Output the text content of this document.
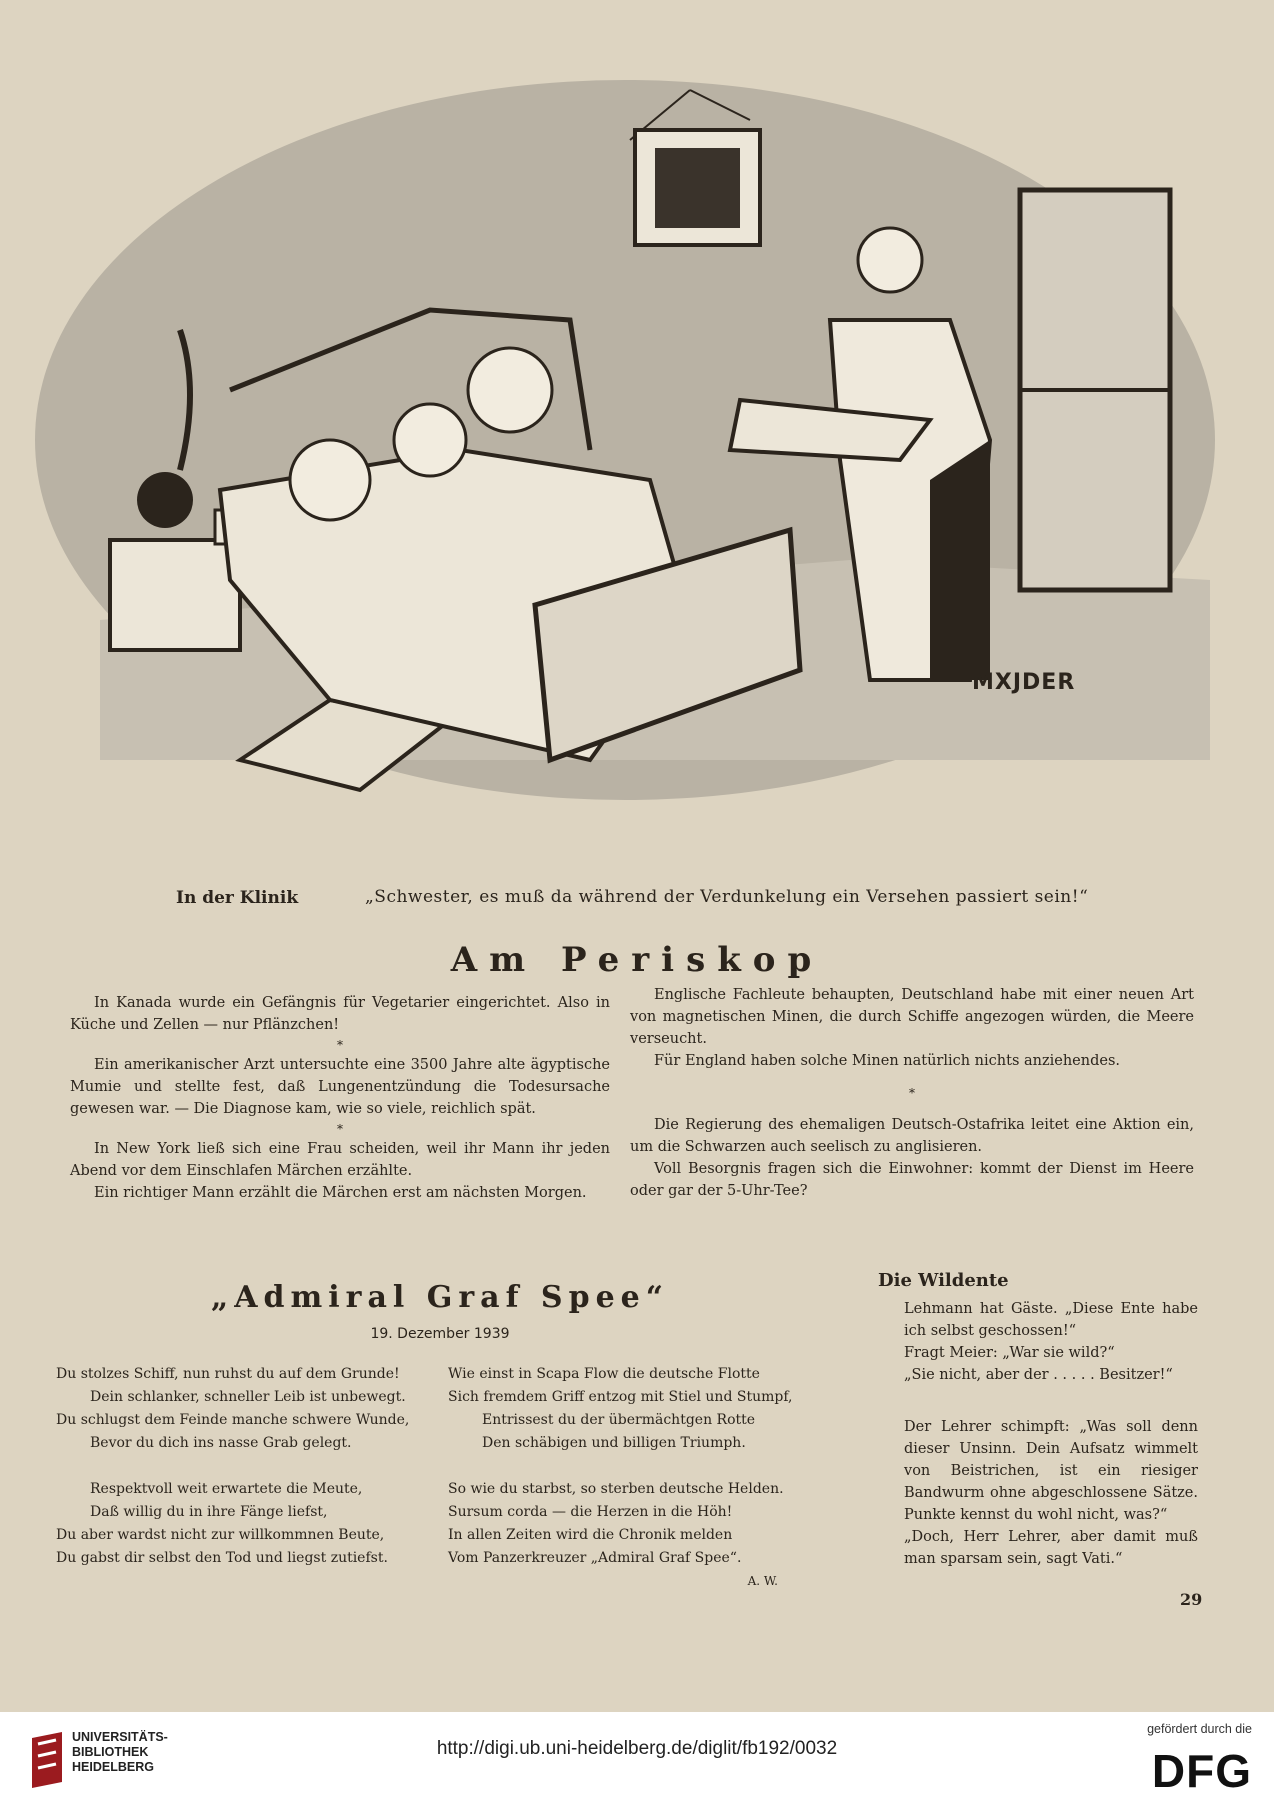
MXJDER
In der Klinik	„Schwester, es muß da während der Verdunkelung ein Versehen passiert sein!“
Am Periskop

In Kanada wurde ein Gefängnis für Vegetarier eingerichtet. Also in Küche und Zellen — nur Pflänzchen!

*

Ein amerikanischer Arzt untersuchte eine 3500 Jahre alte ägyptische Mumie und stellte fest, daß Lungenentzündung die Todesursache gewesen war. — Die Diagnose kam, wie so viele, reichlich spät.

*

In New York ließ sich eine Frau scheiden, weil ihr Mann ihr jeden Abend vor dem Einschlafen Märchen erzählte.

Ein richtiger Mann erzählt die Märchen erst am nächsten Morgen.

Englische Fachleute behaupten, Deutschland habe mit einer neuen Art von magnetischen Minen, die durch Schiffe angezogen würden, die Meere verseucht.

Für England haben solche Minen natürlich nichts anziehendes.

*

Die Regierung des ehemaligen Deutsch-Ostafrika leitet eine Aktion ein, um die Schwarzen auch seelisch zu anglisieren.

Voll Besorgnis fragen sich die Einwohner: kommt der Dienst im Heere oder gar der 5-Uhr-Tee?

„Admiral Graf Spee“
19. Dezember 1939
Du stolzes Schiff, nun ruhst du auf dem Grunde!
Dein schlanker, schneller Leib ist unbewegt.
Du schlugst dem Feinde manche schwere Wunde,
Bevor du dich ins nasse Grab gelegt.
Respektvoll weit erwartete die Meute,
Daß willig du in ihre Fänge liefst,
Du aber wardst nicht zur willkommnen Beute,
Du gabst dir selbst den Tod und liegst zutiefst.
Wie einst in Scapa Flow die deutsche Flotte
Sich fremdem Griff entzog mit Stiel und Stumpf,
Entrissest du der übermächtgen Rotte
Den schäbigen und billigen Triumph.
So wie du starbst, so sterben deutsche Helden.
Sursum corda — die Herzen in die Höh!
In allen Zeiten wird die Chronik melden
Vom Panzerkreuzer „Admiral Graf Spee“.
A. W.
Die Wildente

Lehmann hat Gäste. „Diese Ente habe ich selbst geschossen!“

Fragt Meier: „War sie wild?“

„Sie nicht, aber der . . . . . Besitzer!“

Der Lehrer schimpft: „Was soll denn dieser Unsinn. Dein Aufsatz wimmelt von Beistrichen, ist ein riesiger Bandwurm ohne abgeschlossene Sätze. Punkte kennst du wohl nicht, was?“

„Doch, Herr Lehrer, aber damit muß man sparsam sein, sagt Vati.“

29
UNIVERSITÄTS-
BIBLIOTHEK
HEIDELBERG
http://digi.ub.uni-heidelberg.de/diglit/fb192/0032
gefördert durch die
DFG
